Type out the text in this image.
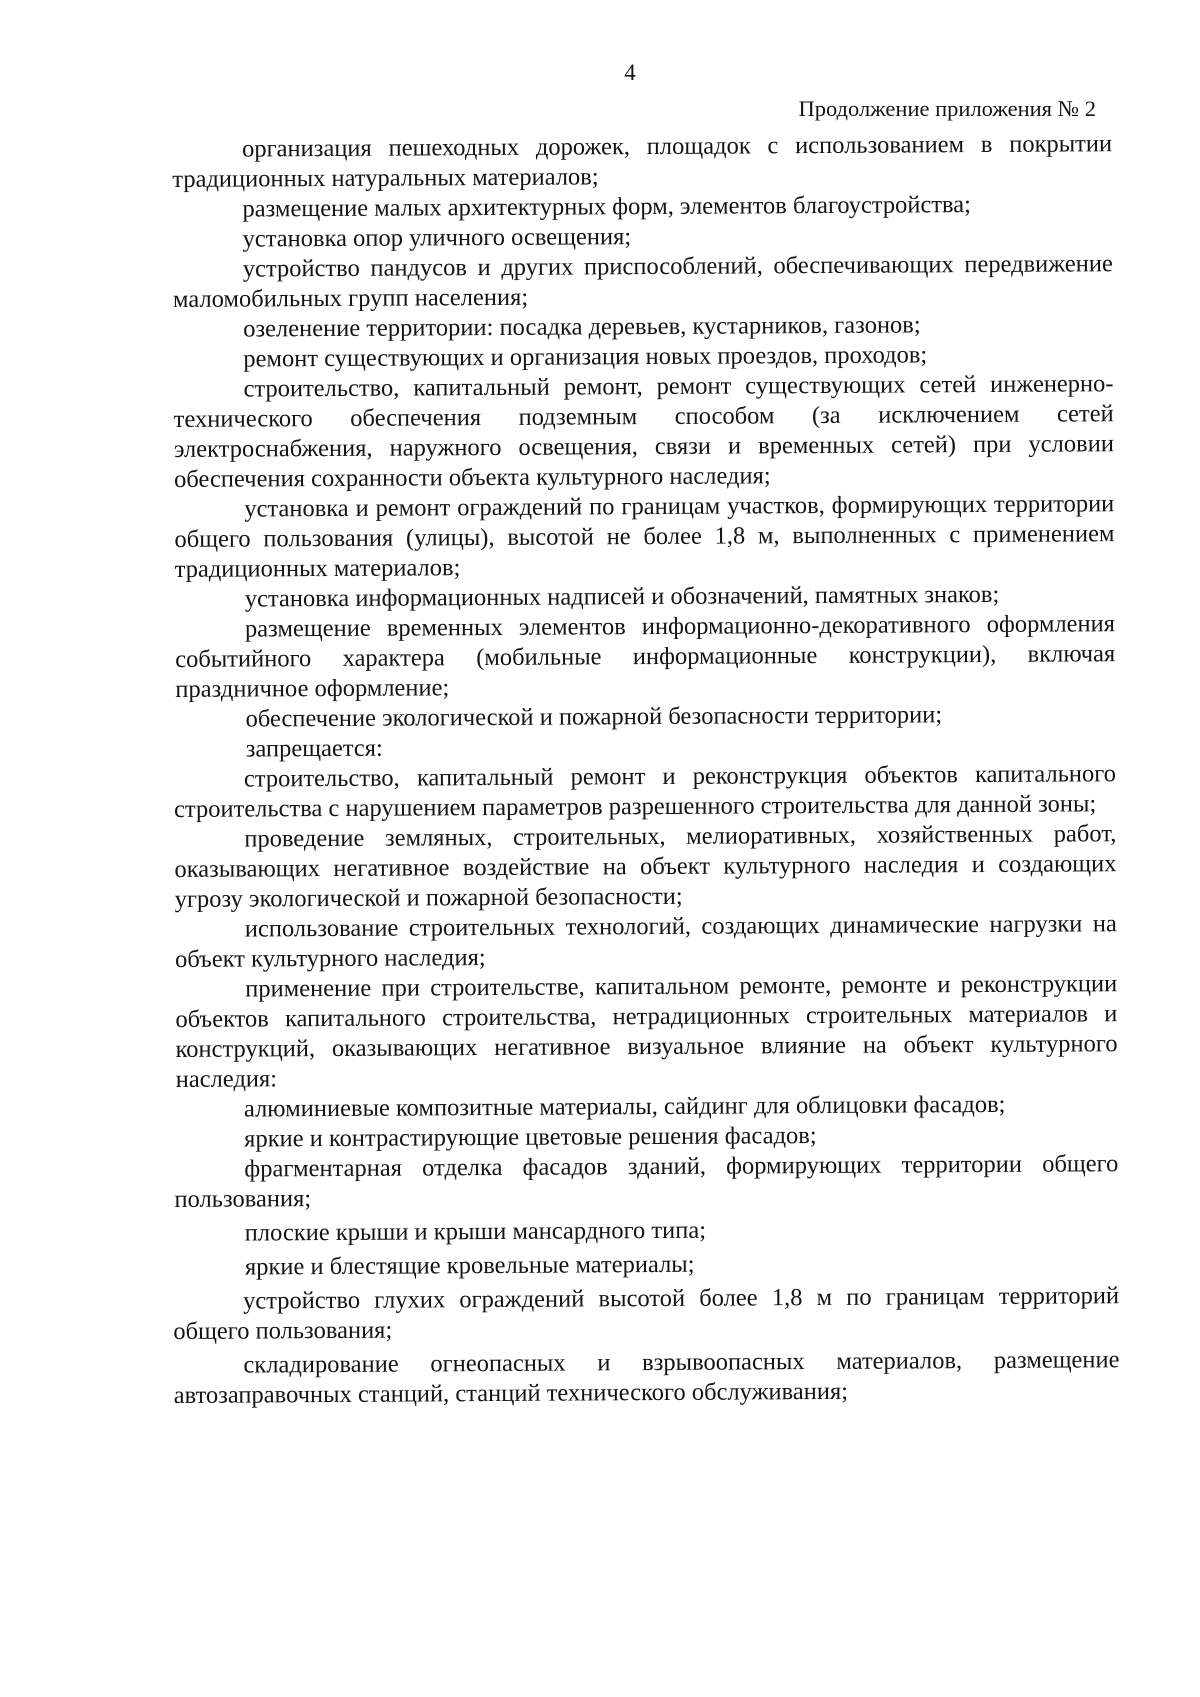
4
Продолжение приложения № 2

организация пешеходных дорожек, площадок с использованием в покрытии традиционных натуральных материалов;

размещение малых архитектурных форм, элементов благоустройства;

установка опор уличного освещения;

устройство пандусов и других приспособлений, обеспечивающих передвижение маломобильных групп населения;

озеленение территории: посадка деревьев, кустарников, газонов;

ремонт существующих и организация новых проездов, проходов;

строительство, капитальный ремонт, ремонт существующих сетей инженерно-технического обеспечения подземным способом (за исключением сетей электроснабжения, наружного освещения, связи и временных сетей) при условии обеспечения сохранности объекта культурного наследия;

установка и ремонт ограждений по границам участков, формирующих территории общего пользования (улицы), высотой не более 1,8 м, выполненных с применением традиционных материалов;

установка информационных надписей и обозначений, памятных знаков;

размещение временных элементов информационно-декоративного оформления событийного характера (мобильные информационные конструкции), включая праздничное оформление;

обеспечение экологической и пожарной безопасности территории;

запрещается:

строительство, капитальный ремонт и реконструкция объектов капитального строительства с нарушением параметров разрешенного строительства для данной зоны;

проведение земляных, строительных, мелиоративных, хозяйственных работ, оказывающих негативное воздействие на объект культурного наследия и создающих угрозу экологической и пожарной безопасности;

использование строительных технологий, создающих динамические нагрузки на объект культурного наследия;

применение при строительстве, капитальном ремонте, ремонте и реконструкции объектов капитального строительства, нетрадиционных строительных материалов и конструкций, оказывающих негативное визуальное влияние на объект культурного наследия:

алюминиевые композитные материалы, сайдинг для облицовки фасадов;

яркие и контрастирующие цветовые решения фасадов;

фрагментарная отделка фасадов зданий, формирующих территории общего пользования;

плоские крыши и крыши мансардного типа;

яркие и блестящие кровельные материалы;

устройство глухих ограждений высотой более 1,8 м по границам территорий общего пользования;

складирование огнеопасных и взрывоопасных материалов, размещение автозаправочных станций, станций технического обслуживания;
